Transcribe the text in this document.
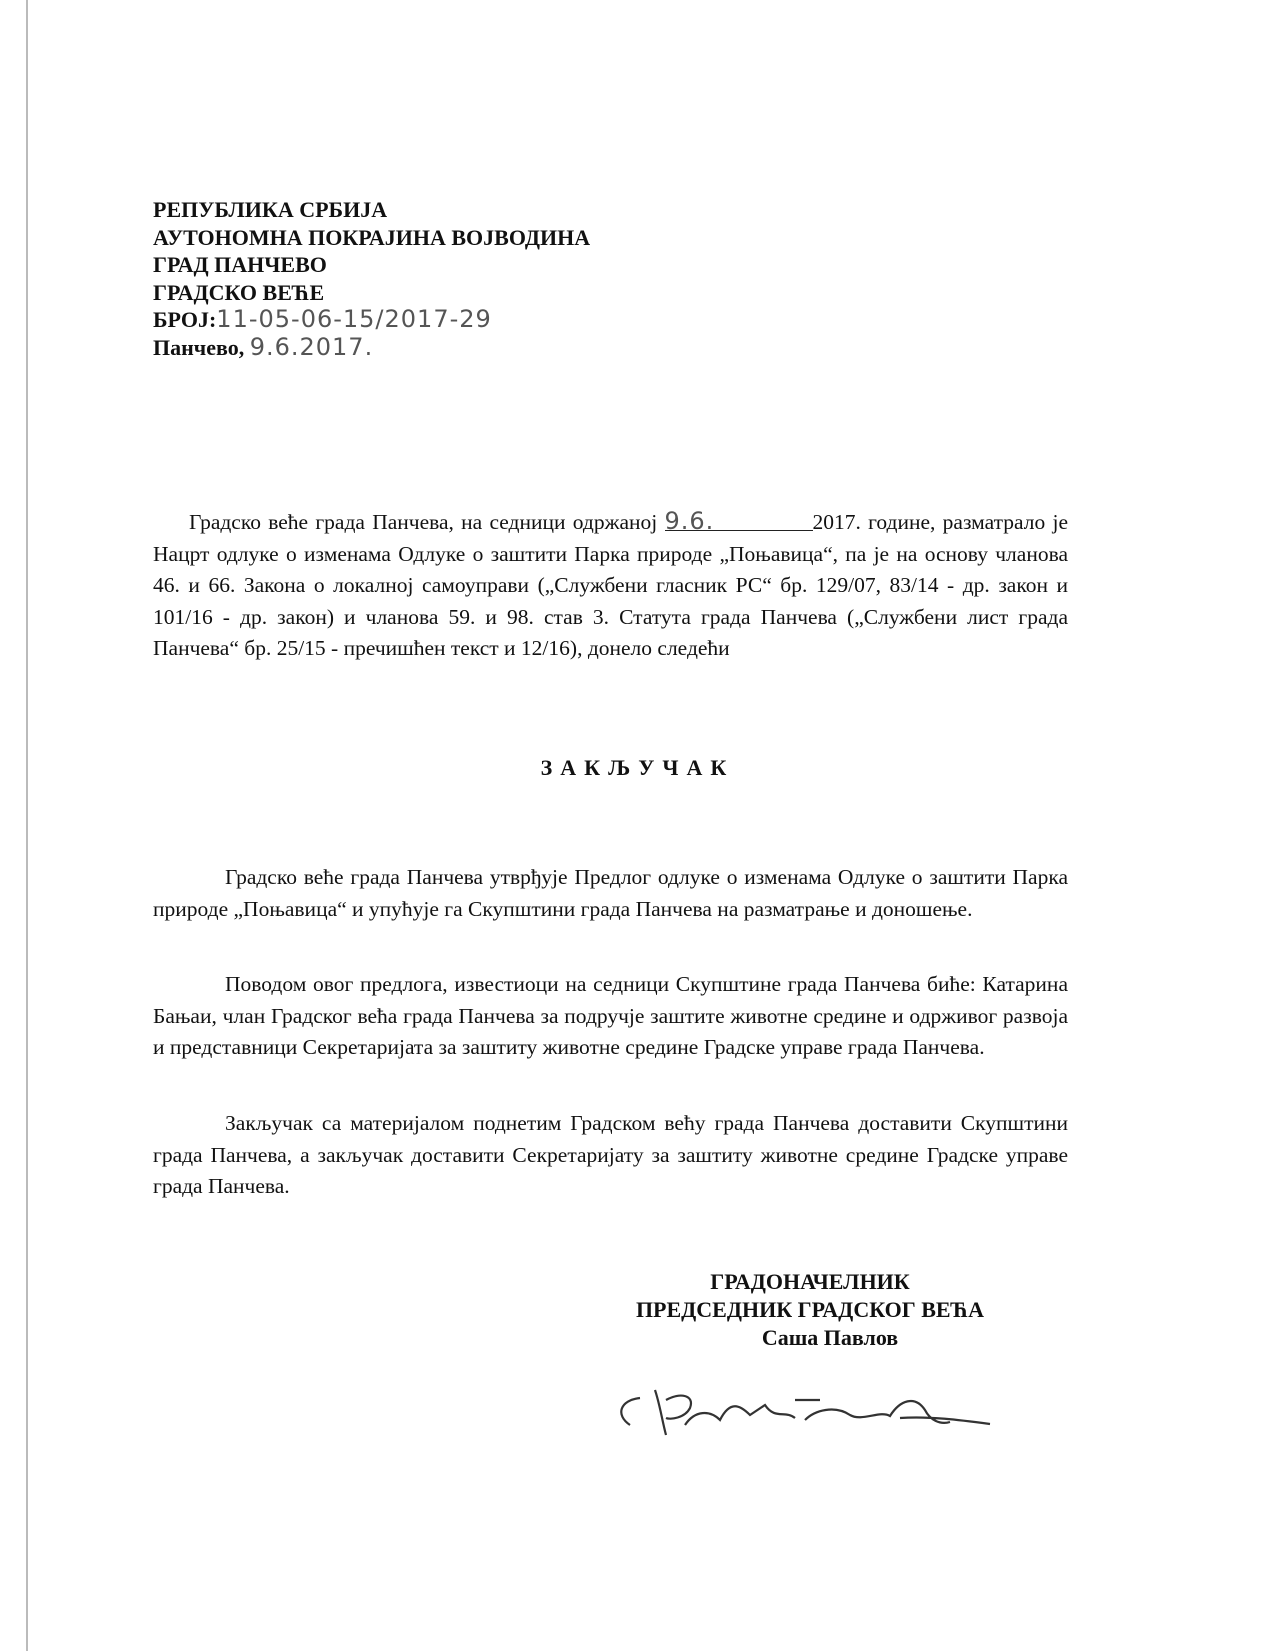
РЕПУБЛИКА СРБИЈА
АУТОНОМНА ПОКРАЈИНА ВОЈВОДИНА
ГРАД ПАНЧЕВО
ГРАДСКО ВЕЋЕ
БРОЈ:11-05-06-15/2017-29
Панчево, 9.6.2017.
Градско веће града Панчева, на седници одржаној 9.6.	2017. године, разматрало је Нацрт одлуке о изменама Одлуке о заштити Парка природе „Поњавица“, па је на основу чланова 46. и 66. Закона о локалној самоуправи („Службени гласник РС“ бр. 129/07, 83/14 - др. закон и 101/16 - др. закон) и чланова 59. и 98. став 3. Статута града Панчева („Службени лист града Панчева“ бр. 25/15 - пречишћен текст и 12/16), донело следећи
ЗАКЉУЧАК
Градско веће града Панчева утврђује Предлог одлуке о изменама Одлуке о заштити Парка природе „Поњавица“ и упућује га Скупштини града Панчева на разматрање и доношење.
Поводом овог предлога, известиоци на седници Скупштине града Панчева биће: Катарина Бањаи, члан Градског већа града Панчева за подручје заштите животне средине и одрживог развоја и представници Секретаријата за заштиту животне средине Градске управе града Панчева.
Закључак са материјалом поднетим Градском већу града Панчева доставити Скупштини града Панчева, а закључак доставити Секретаријату за заштиту животне средине Градске управе града Панчева.
ГРАДОНАЧЕЛНИК
ПРЕДСЕДНИК ГРАДСКОГ ВЕЋА
Саша Павлов
